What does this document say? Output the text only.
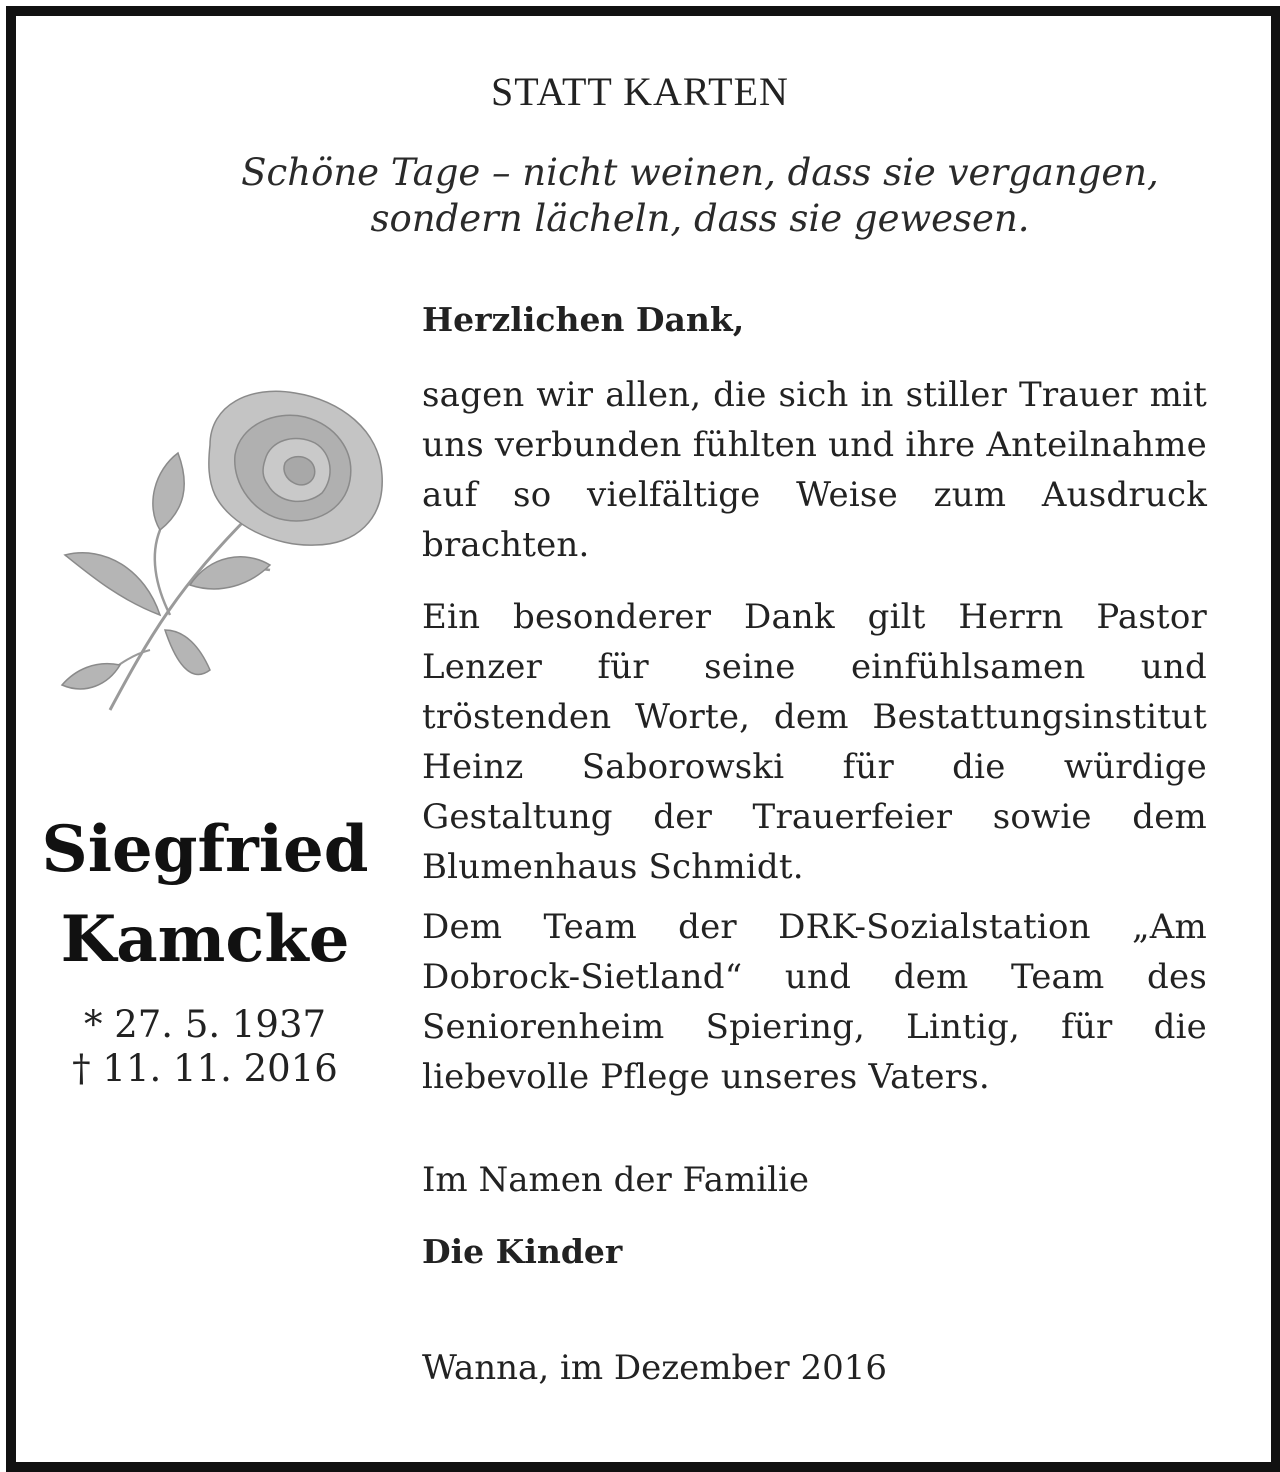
STATT KARTEN
Schöne Tage – nicht weinen, dass sie vergangen,
sondern lächeln, dass sie gewesen.
Siegfried
Kamcke
* 27. 5. 1937
† 11. 11. 2016
Herzlichen Dank,
sagen wir allen, die sich in stiller Trauer mit uns verbunden fühlten und ihre Anteilnahme auf so vielfältige Weise zum Ausdruck brachten.
Ein besonderer Dank gilt Herrn Pastor Lenzer für seine einfühlsamen und tröstenden Worte, dem Bestattungsinstitut Heinz Saborowski für die würdige Gestaltung der Trauerfeier sowie dem Blumenhaus Schmidt.
Dem Team der DRK-Sozialstation „Am Dobrock-Sietland“ und dem Team des Seniorenheim Spiering, Lintig, für die liebevolle Pflege unseres Vaters.
Im Namen der Familie
Die Kinder
Wanna, im Dezember 2016
